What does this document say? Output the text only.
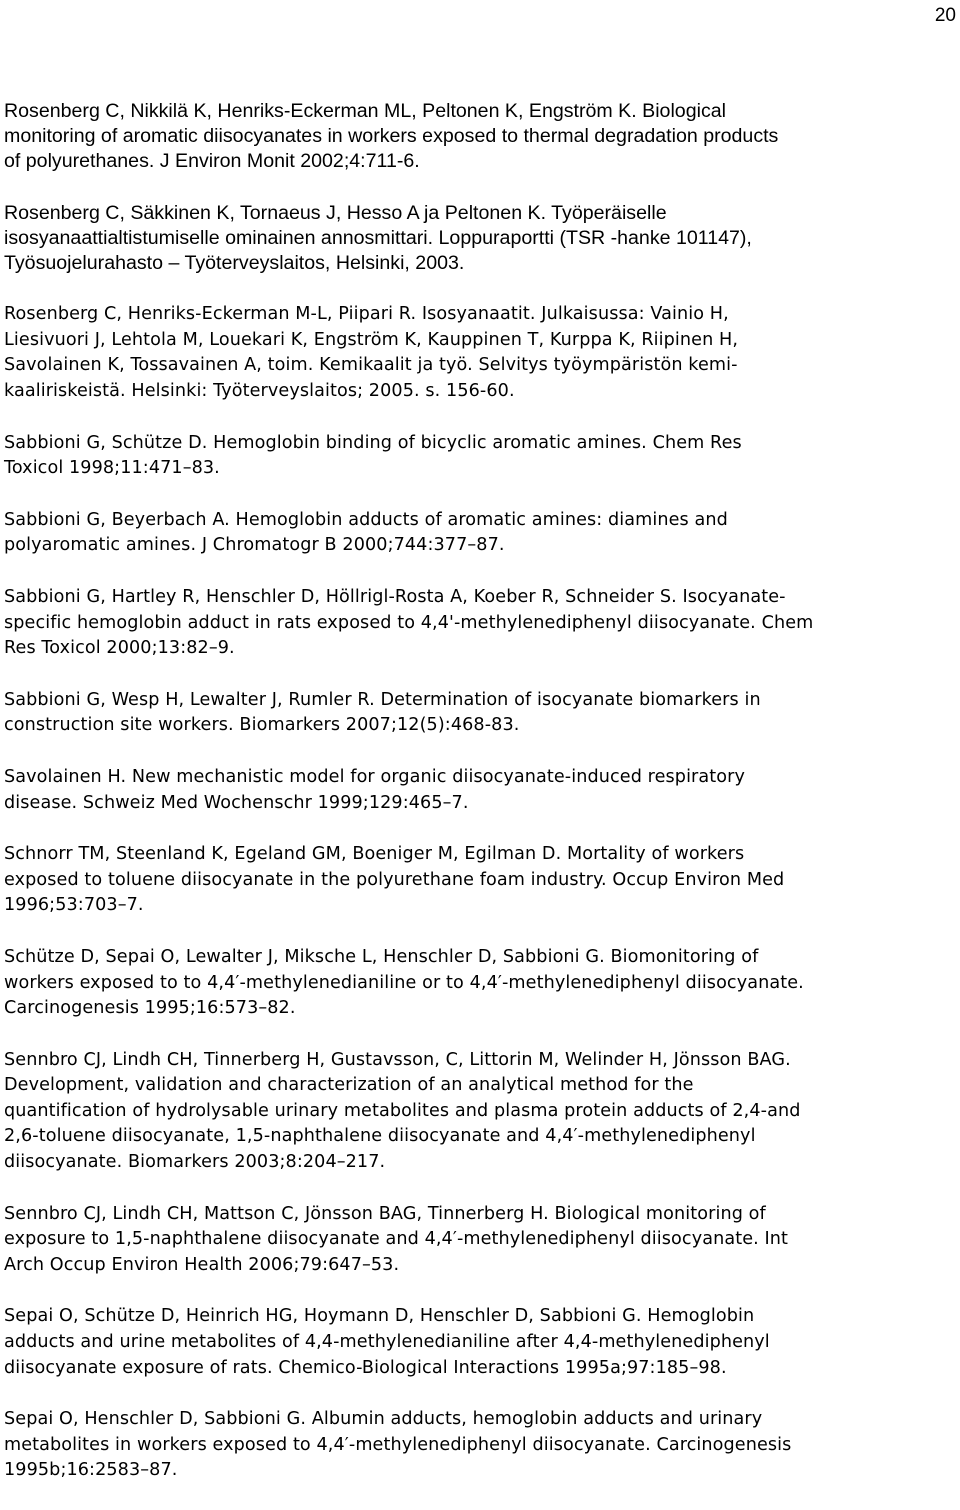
20
Rosenberg C, Nikkilä K, Henriks-Eckerman ML, Peltonen K, Engström K. Biological
monitoring of aromatic diisocyanates in workers exposed to thermal degradation products
of polyurethanes. J Environ Monit 2002;4:711-6.
Rosenberg C, Säkkinen K, Tornaeus J, Hesso A ja Peltonen K. Työperäiselle
isosyanaattialtistumiselle ominainen annosmittari. Loppuraportti (TSR -hanke 101147),
Työsuojelurahasto – Työterveyslaitos, Helsinki, 2003.
Rosenberg C, Henriks-Eckerman M-L, Piipari R. Isosyanaatit. Julkaisussa: Vainio H,
Liesivuori J, Lehtola M, Louekari K, Engström K, Kauppinen T, Kurppa K, Riipinen H,
Savolainen K, Tossavainen A, toim. Kemikaalit ja työ. Selvitys työympäristön kemi-
kaaliriskeistä. Helsinki: Työterveyslaitos; 2005. s. 156-60.
Sabbioni G, Schütze D. Hemoglobin binding of bicyclic aromatic amines. Chem Res
Toxicol 1998;11:471–83.
Sabbioni G, Beyerbach A. Hemoglobin adducts of aromatic amines: diamines and
polyaromatic amines. J Chromatogr B 2000;744:377–87.
Sabbioni G, Hartley R, Henschler D, Höllrigl-Rosta A, Koeber R, Schneider S. Isocyanate-
specific hemoglobin adduct in rats exposed to 4,4'-methylenediphenyl diisocyanate. Chem
Res Toxicol 2000;13:82–9.
Sabbioni G, Wesp H, Lewalter J, Rumler R. Determination of isocyanate biomarkers in
construction site workers. Biomarkers 2007;12(5):468-83.
Savolainen H. New mechanistic model for organic diisocyanate-induced respiratory
disease. Schweiz Med Wochenschr 1999;129:465–7.
Schnorr TM, Steenland K, Egeland GM, Boeniger M, Egilman D. Mortality of workers
exposed to toluene diisocyanate in the polyurethane foam industry. Occup Environ Med
1996;53:703–7.
Schütze D, Sepai O, Lewalter J, Miksche L, Henschler D, Sabbioni G. Biomonitoring of
workers exposed to to 4,4′-methylenedianiline or to 4,4′-methylenediphenyl diisocyanate.
Carcinogenesis 1995;16:573–82.
Sennbro CJ, Lindh CH, Tinnerberg H, Gustavsson, C, Littorin M, Welinder H, Jönsson BAG.
Development, validation and characterization of an analytical method for the
quantification of hydrolysable urinary metabolites and plasma protein adducts of 2,4-and
2,6-toluene diisocyanate, 1,5-naphthalene diisocyanate and 4,4′-methylenediphenyl
diisocyanate. Biomarkers 2003;8:204–217.
Sennbro CJ, Lindh CH, Mattson C, Jönsson BAG, Tinnerberg H. Biological monitoring of
exposure to 1,5-naphthalene diisocyanate and 4,4′-methylenediphenyl diisocyanate. Int
Arch Occup Environ Health 2006;79:647–53.
Sepai O, Schütze D, Heinrich HG, Hoymann D, Henschler D, Sabbioni G. Hemoglobin
adducts and urine metabolites of 4,4-methylenedianiline after 4,4-methylenediphenyl
diisocyanate exposure of rats. Chemico-Biological Interactions 1995a;97:185–98.
Sepai O, Henschler D, Sabbioni G. Albumin adducts, hemoglobin adducts and urinary
metabolites in workers exposed to 4,4′-methylenediphenyl diisocyanate. Carcinogenesis
1995b;16:2583–87.
